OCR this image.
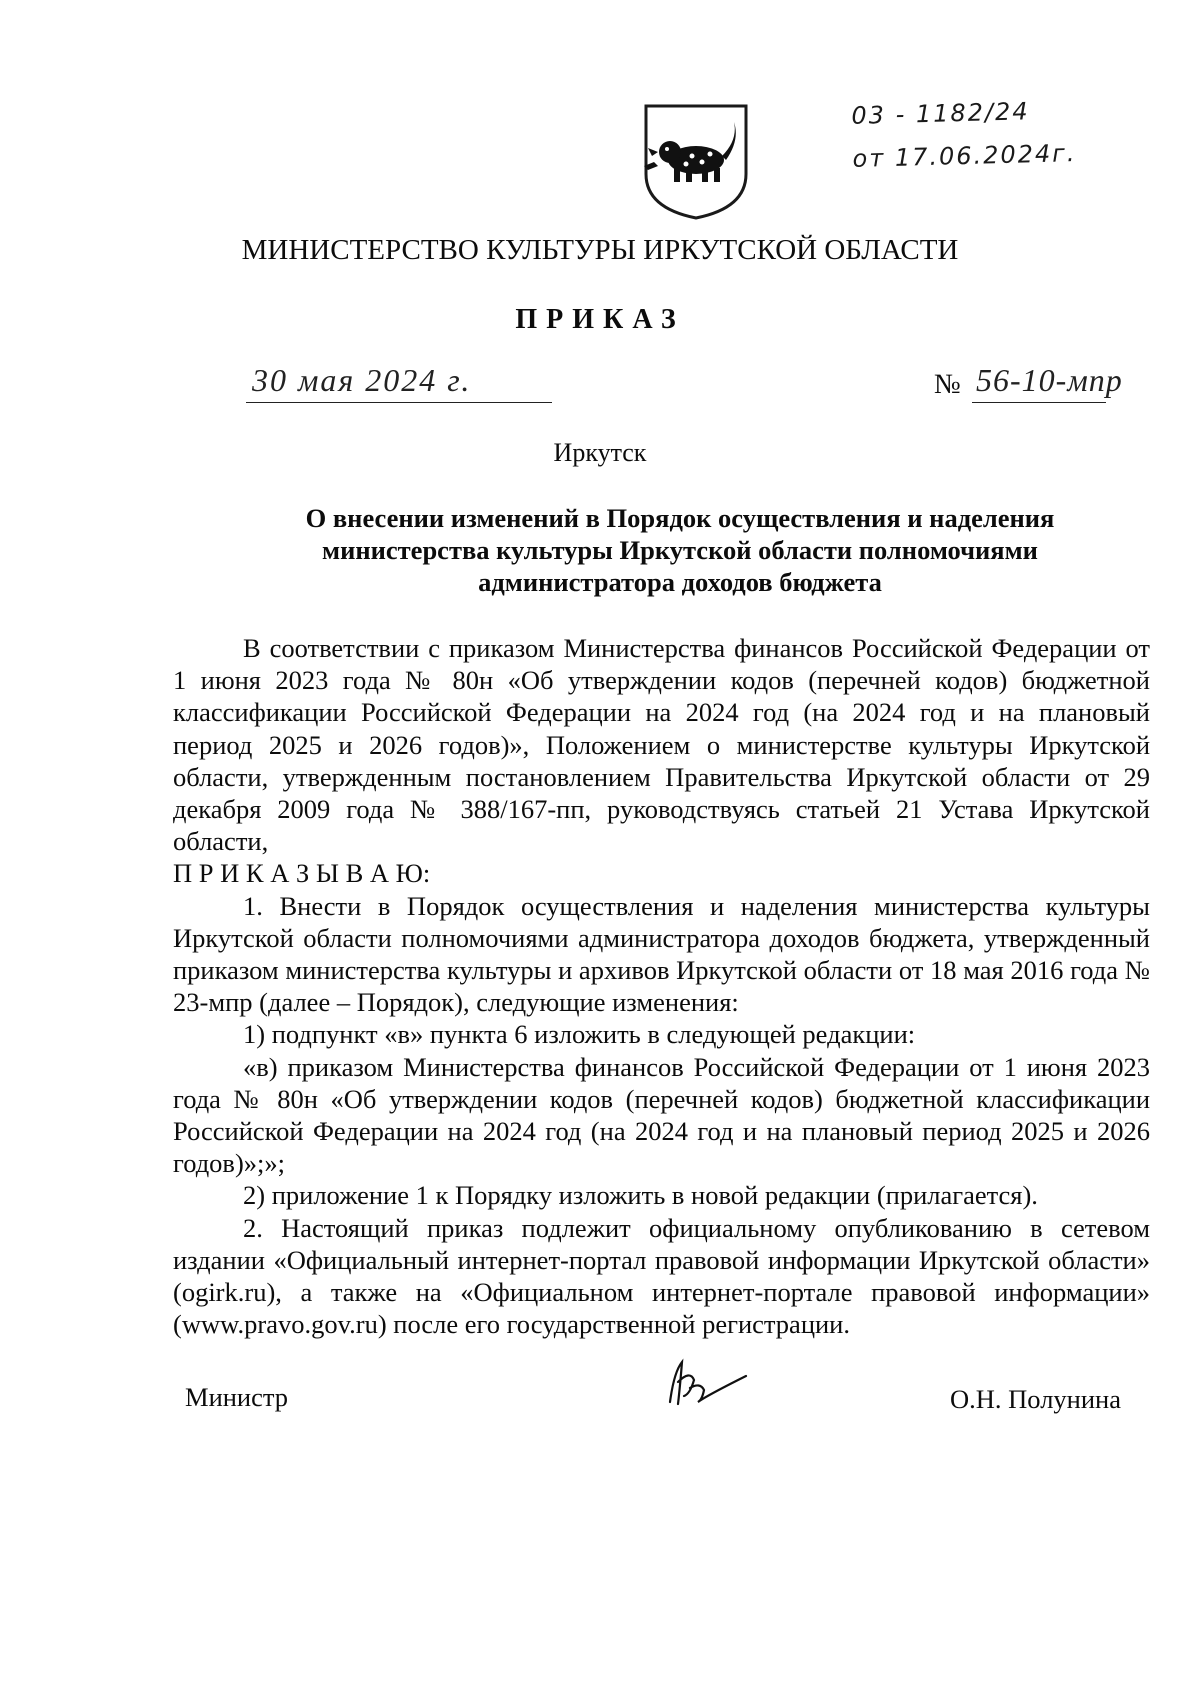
03 - 1182/24
от 17.06.2024г.
МИНИСТЕРСТВО КУЛЬТУРЫ ИРКУТСКОЙ ОБЛАСТИ
ПРИКАЗ
30 мая 2024 г.	№ 56-10-мпр
Иркутск
О внесении изменений в Порядок осуществления и наделения министерства культуры Иркутской области полномочиями администратора доходов бюджета

В соответствии с приказом Министерства финансов Российской Федерации от 1 июня 2023 года № 80н «Об утверждении кодов (перечней кодов) бюджетной классификации Российской Федерации на 2024 год (на 2024 год и на плановый период 2025 и 2026 годов)», Положением о министерстве культуры Иркутской области, утвержденным постановлением Правительства Иркутской области от 29 декабря 2009 года № 388/167-пп, руководствуясь статьей 21 Устава Иркутской области,

П Р И К А З Ы В А Ю:

1. Внести в Порядок осуществления и наделения министерства культуры Иркутской области полномочиями администратора доходов бюджета, утвержденный приказом министерства культуры и архивов Иркутской области от 18 мая 2016 года № 23-мпр (далее – Порядок), следующие изменения:

1) подпункт «в» пункта 6 изложить в следующей редакции:

«в) приказом Министерства финансов Российской Федерации от 1 июня 2023 года № 80н «Об утверждении кодов (перечней кодов) бюджетной классификации Российской Федерации на 2024 год (на 2024 год и на плановый период 2025 и 2026 годов)»;»;

2) приложение 1 к Порядку изложить в новой редакции (прилагается).

2. Настоящий приказ подлежит официальному опубликованию в сетевом издании «Официальный интернет-портал правовой информации Иркутской области» (ogirk.ru), а также на «Официальном интернет-портале правовой информации» (www.pravo.gov.ru) после его государственной регистрации.

Министр	О.Н. Полунина
